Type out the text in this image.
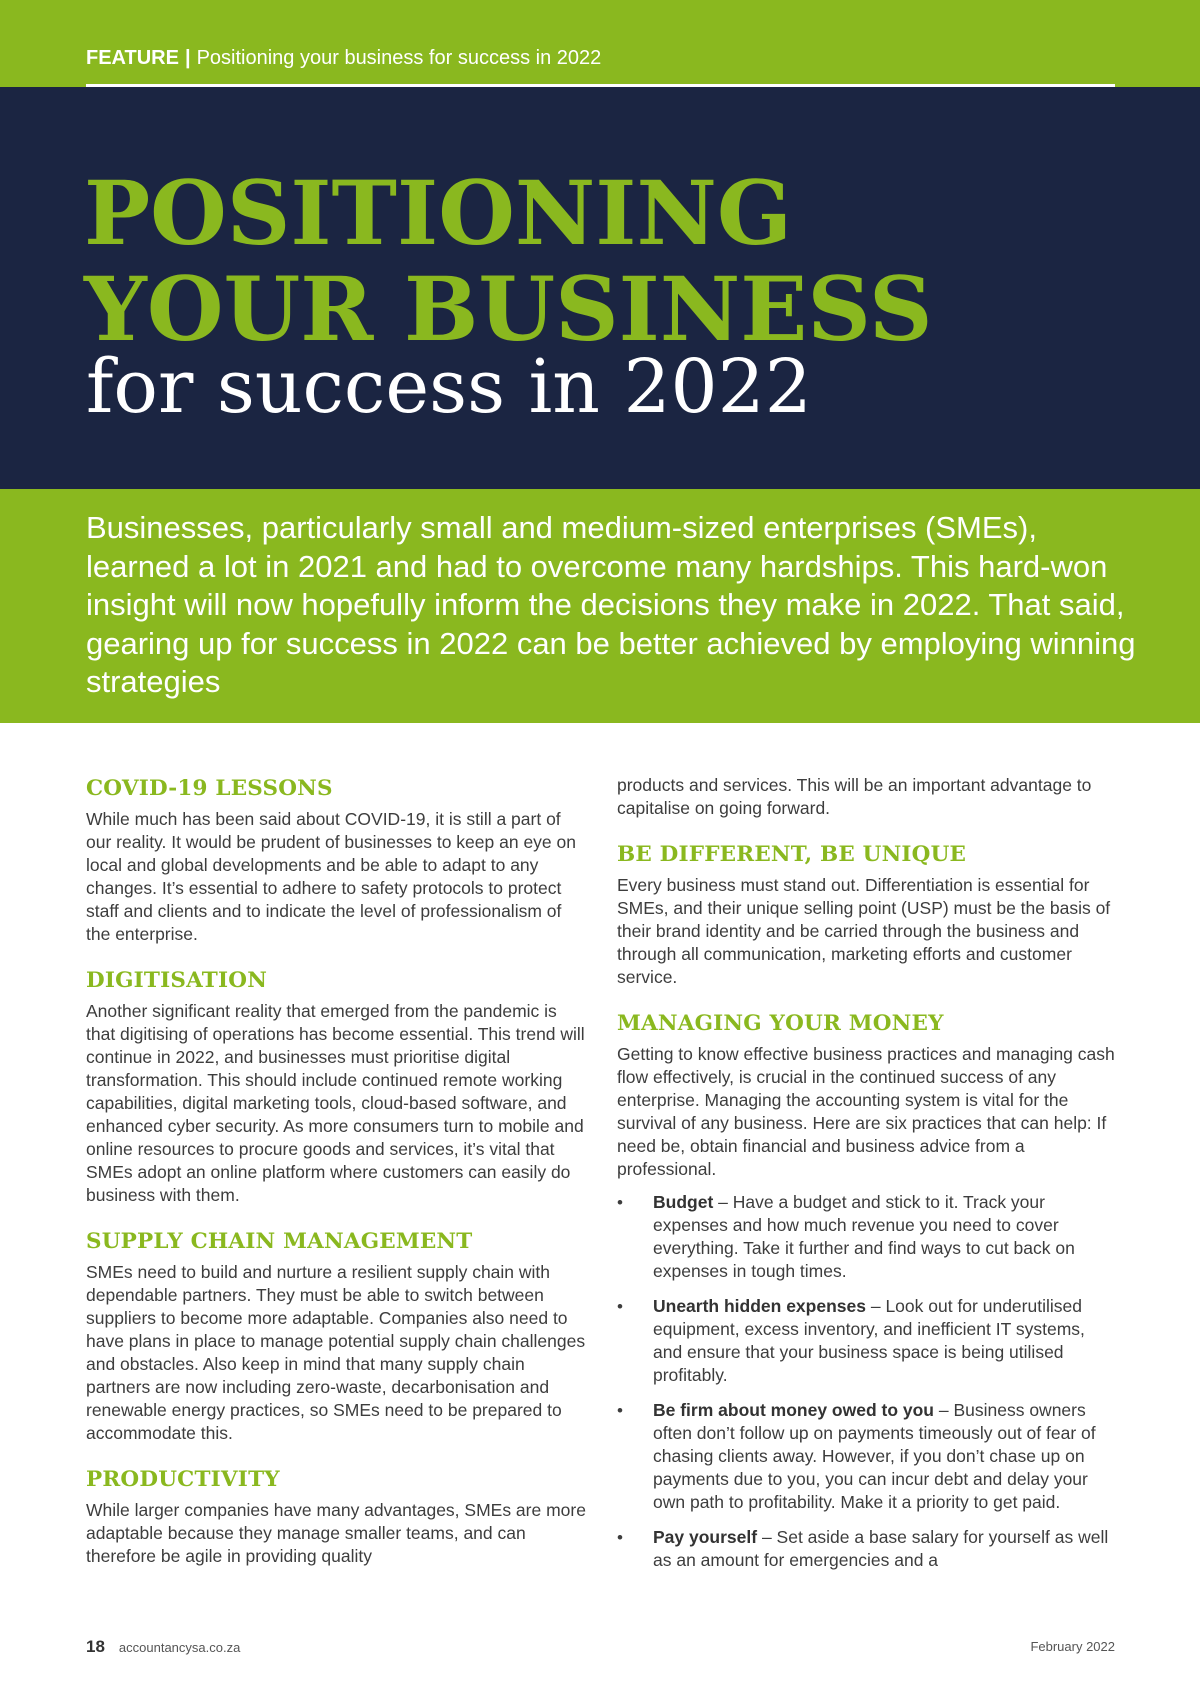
FEATURE | Positioning your business for success in 2022
POSITIONING
YOUR BUSINESS
for success in 2022

Businesses, particularly small and medium-sized enterprises (SMEs), learned a lot in 2021 and had to overcome many hardships. This hard-won insight will now hopefully inform the decisions they make in 2022. That said, gearing up for success in 2022 can be better achieved by employing winning strategies

COVID-19 LESSONS

While much has been said about COVID-19, it is still a part of our reality. It would be prudent of businesses to keep an eye on local and global developments and be able to adapt to any changes. It’s essential to adhere to safety protocols to protect staff and clients and to indicate the level of professionalism of the enterprise.

DIGITISATION

Another significant reality that emerged from the pandemic is that digitising of operations has become essential. This trend will continue in 2022, and businesses must prioritise digital transformation. This should include continued remote working capabilities, digital marketing tools, cloud-based software, and enhanced cyber security. As more consumers turn to mobile and online resources to procure goods and services, it’s vital that SMEs adopt an online platform where customers can easily do business with them.

SUPPLY CHAIN MANAGEMENT

SMEs need to build and nurture a resilient supply chain with dependable partners. They must be able to switch between suppliers to become more adaptable. Companies also need to have plans in place to manage potential supply chain challenges and obstacles. Also keep in mind that many supply chain partners are now including zero-waste, decarbonisation and renewable energy practices, so SMEs need to be prepared to accommodate this.

PRODUCTIVITY

While larger companies have many advantages, SMEs are more adaptable because they manage smaller teams, and can therefore be agile in providing quality

products and services. This will be an important advantage to capitalise on going forward.

BE DIFFERENT, BE UNIQUE

Every business must stand out. Differentiation is essential for SMEs, and their unique selling point (USP) must be the basis of their brand identity and be carried through the business and through all communication, marketing efforts and customer service.

MANAGING YOUR MONEY

Getting to know effective business practices and managing cash flow effectively, is crucial in the continued success of any enterprise. Managing the accounting system is vital for the survival of any business. Here are six practices that can help: If need be, obtain financial and business advice from a professional.

• Budget – Have a budget and stick to it. Track your expenses and how much revenue you need to cover everything. Take it further and find ways to cut back on expenses in tough times.
• Unearth hidden expenses – Look out for underutilised equipment, excess inventory, and inefficient IT systems, and ensure that your business space is being utilised profitably.
• Be firm about money owed to you – Business owners often don’t follow up on payments timeously out of fear of chasing clients away. However, if you don’t chase up on payments due to you, you can incur debt and delay your own path to profitability. Make it a priority to get paid.
• Pay yourself – Set aside a base salary for yourself as well as an amount for emergencies and a
18 accountancysa.co.za	February 2022
